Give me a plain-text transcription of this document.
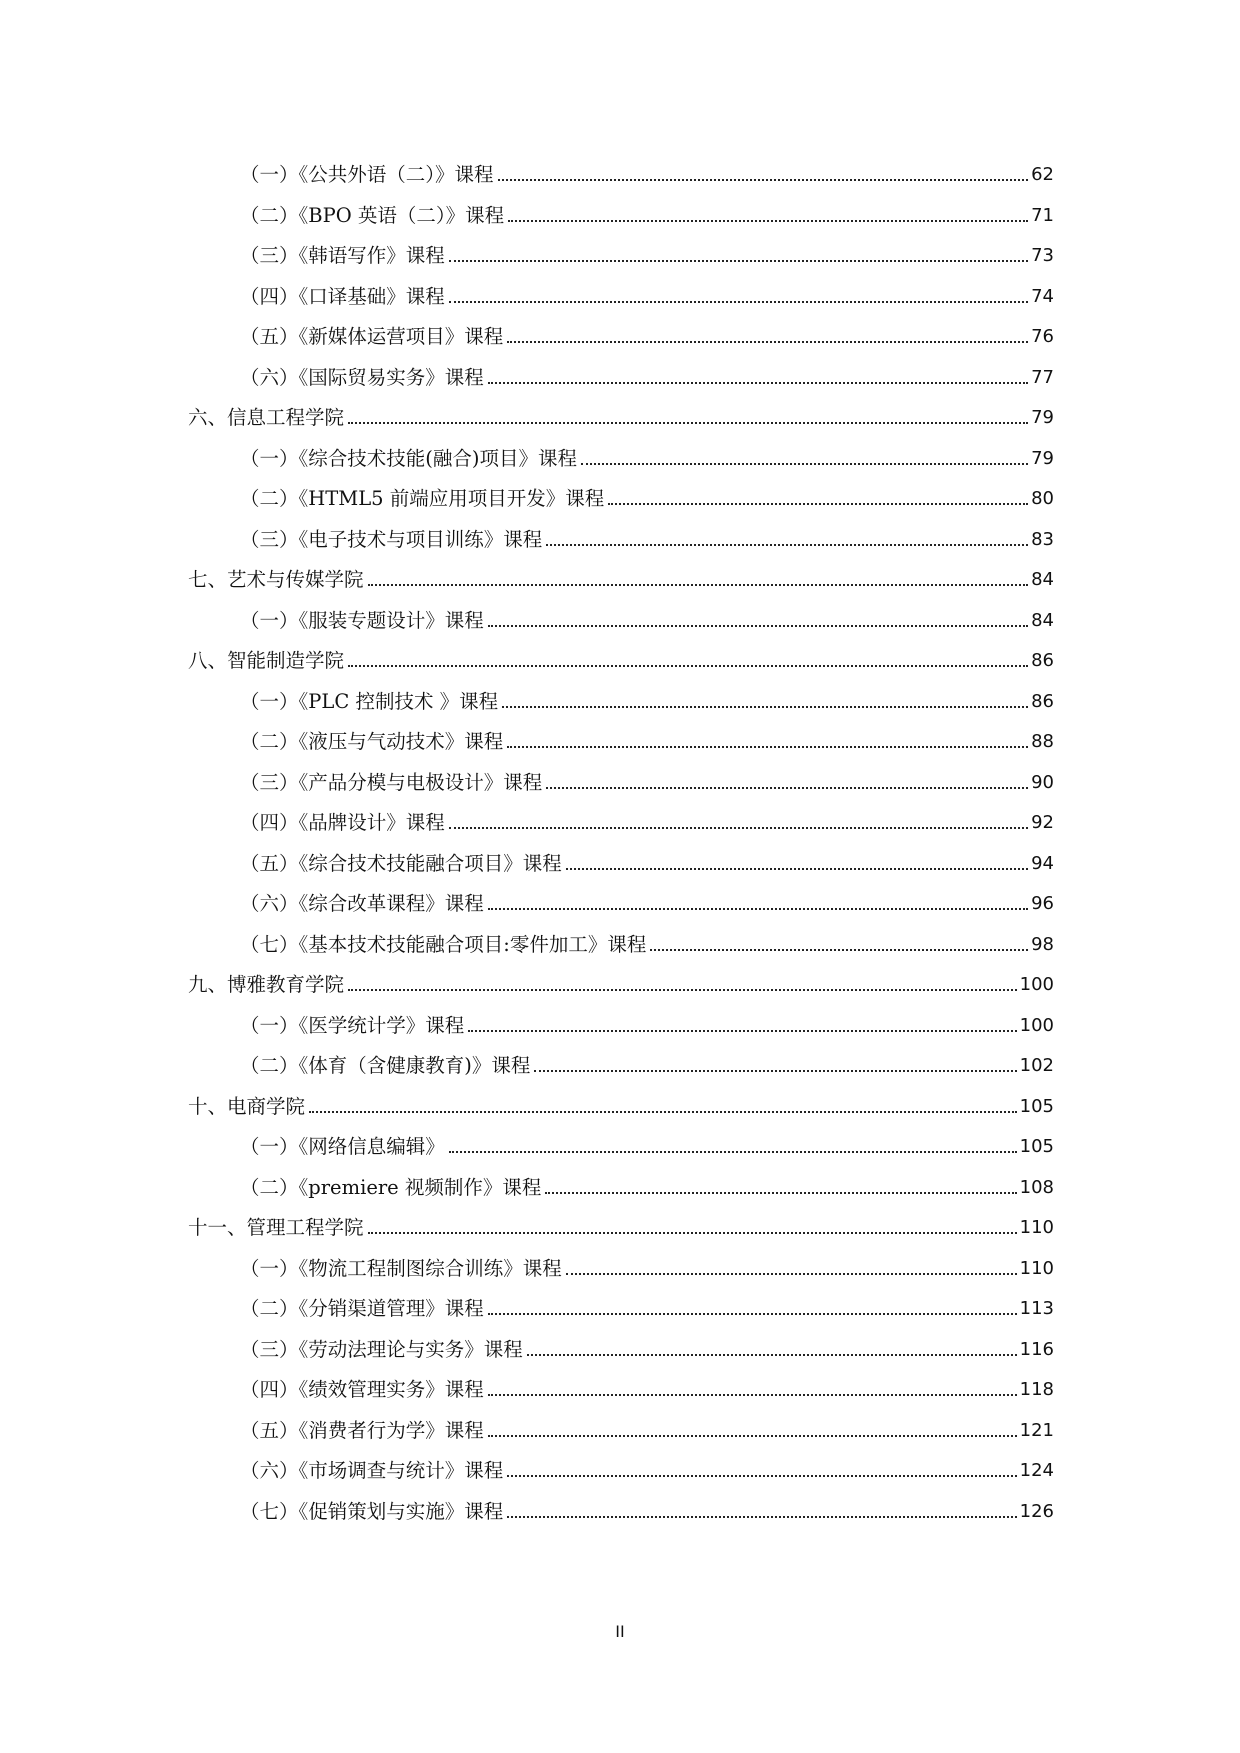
（一）《公共外语（二）》课程	62
（二）《BPO 英语（二）》课程	71
（三）《韩语写作》课程	73
（四）《口译基础》课程	74
（五）《新媒体运营项目》课程	76
（六）《国际贸易实务》课程	77
六、信息工程学院	79
（一）《综合技术技能(融合)项目》课程	79
（二）《HTML5 前端应用项目开发》课程	80
（三）《电子技术与项目训练》课程	83
七、艺术与传媒学院	84
（一）《服装专题设计》课程	84
八、智能制造学院	86
（一）《PLC 控制技术 》课程	86
（二）《液压与气动技术》课程	88
（三）《产品分模与电极设计》课程	90
（四）《品牌设计》课程	92
（五）《综合技术技能融合项目》课程	94
（六）《综合改革课程》课程	96
（七）《基本技术技能融合项目:零件加工》课程	98
九、博雅教育学院	100
（一）《医学统计学》课程	100
（二）《体育（含健康教育)》课程	102
十、电商学院	105
（一）《网络信息编辑》	105
（二）《premiere 视频制作》课程	108
十一、管理工程学院	110
（一）《物流工程制图综合训练》课程	110
（二）《分销渠道管理》课程	113
（三）《劳动法理论与实务》课程	116
（四）《绩效管理实务》课程	118
（五）《消费者行为学》课程	121
（六）《市场调查与统计》课程	124
（七）《促销策划与实施》课程	126
II
